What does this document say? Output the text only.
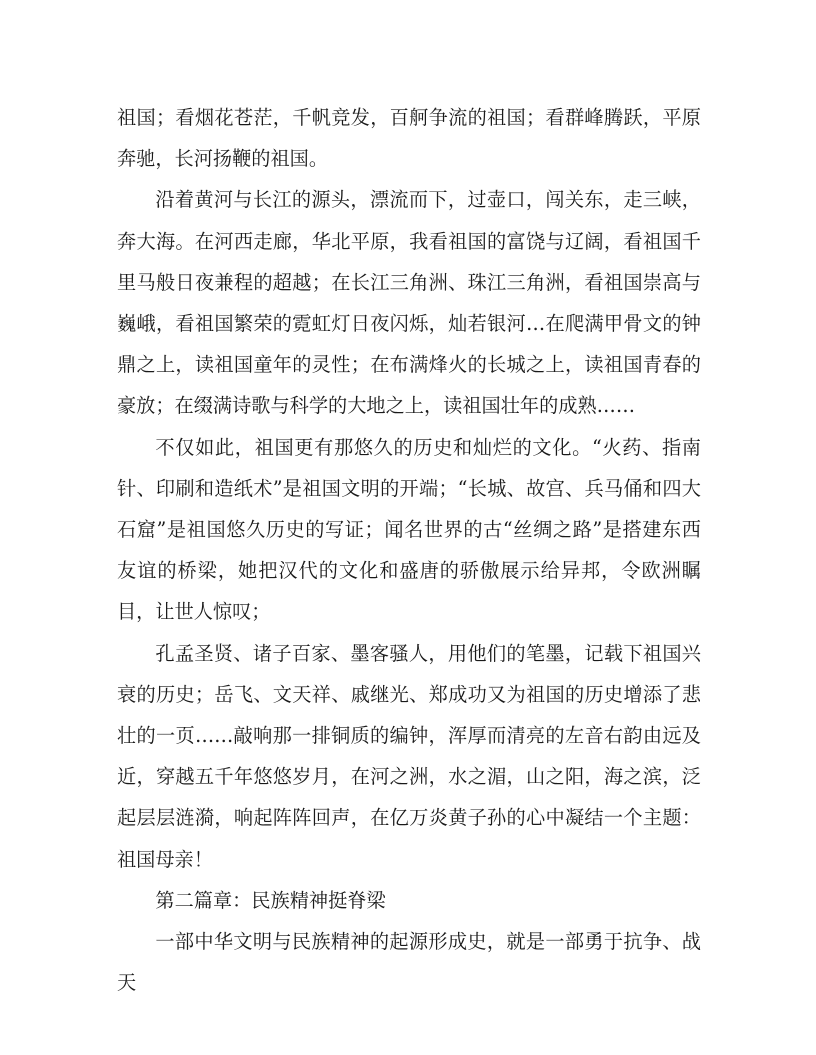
祖国；看烟花苍茫，千帆竞发，百舸争流的祖国；看群峰腾跃，平原奔驰，长河扬鞭的祖国。

沿着黄河与长江的源头，漂流而下，过壶口，闯关东，走三峡，奔大海。在河西走廊，华北平原，我看祖国的富饶与辽阔，看祖国千里马般日夜兼程的超越；在长江三角洲、珠江三角洲，看祖国崇高与巍峨，看祖国繁荣的霓虹灯日夜闪烁，灿若银河…在爬满甲骨文的钟鼎之上，读祖国童年的灵性；在布满烽火的长城之上，读祖国青春的豪放；在缀满诗歌与科学的大地之上，读祖国壮年的成熟……

不仅如此，祖国更有那悠久的历史和灿烂的文化。“火药、指南针、印刷和造纸术”是祖国文明的开端；“长城、故宫、兵马俑和四大石窟”是祖国悠久历史的写证；闻名世界的古“丝绸之路”是搭建东西友谊的桥梁，她把汉代的文化和盛唐的骄傲展示给异邦，令欧洲瞩目，让世人惊叹；

孔孟圣贤、诸子百家、墨客骚人，用他们的笔墨，记载下祖国兴衰的历史；岳飞、文天祥、戚继光、郑成功又为祖国的历史增添了悲壮的一页……敲响那一排铜质的编钟，浑厚而清亮的左音右韵由远及近，穿越五千年悠悠岁月，在河之洲，水之湄，山之阳，海之滨，泛起层层涟漪，响起阵阵回声，在亿万炎黄子孙的心中凝结一个主题：祖国母亲！

第二篇章：民族精神挺脊梁

一部中华文明与民族精神的起源形成史，就是一部勇于抗争、战天
